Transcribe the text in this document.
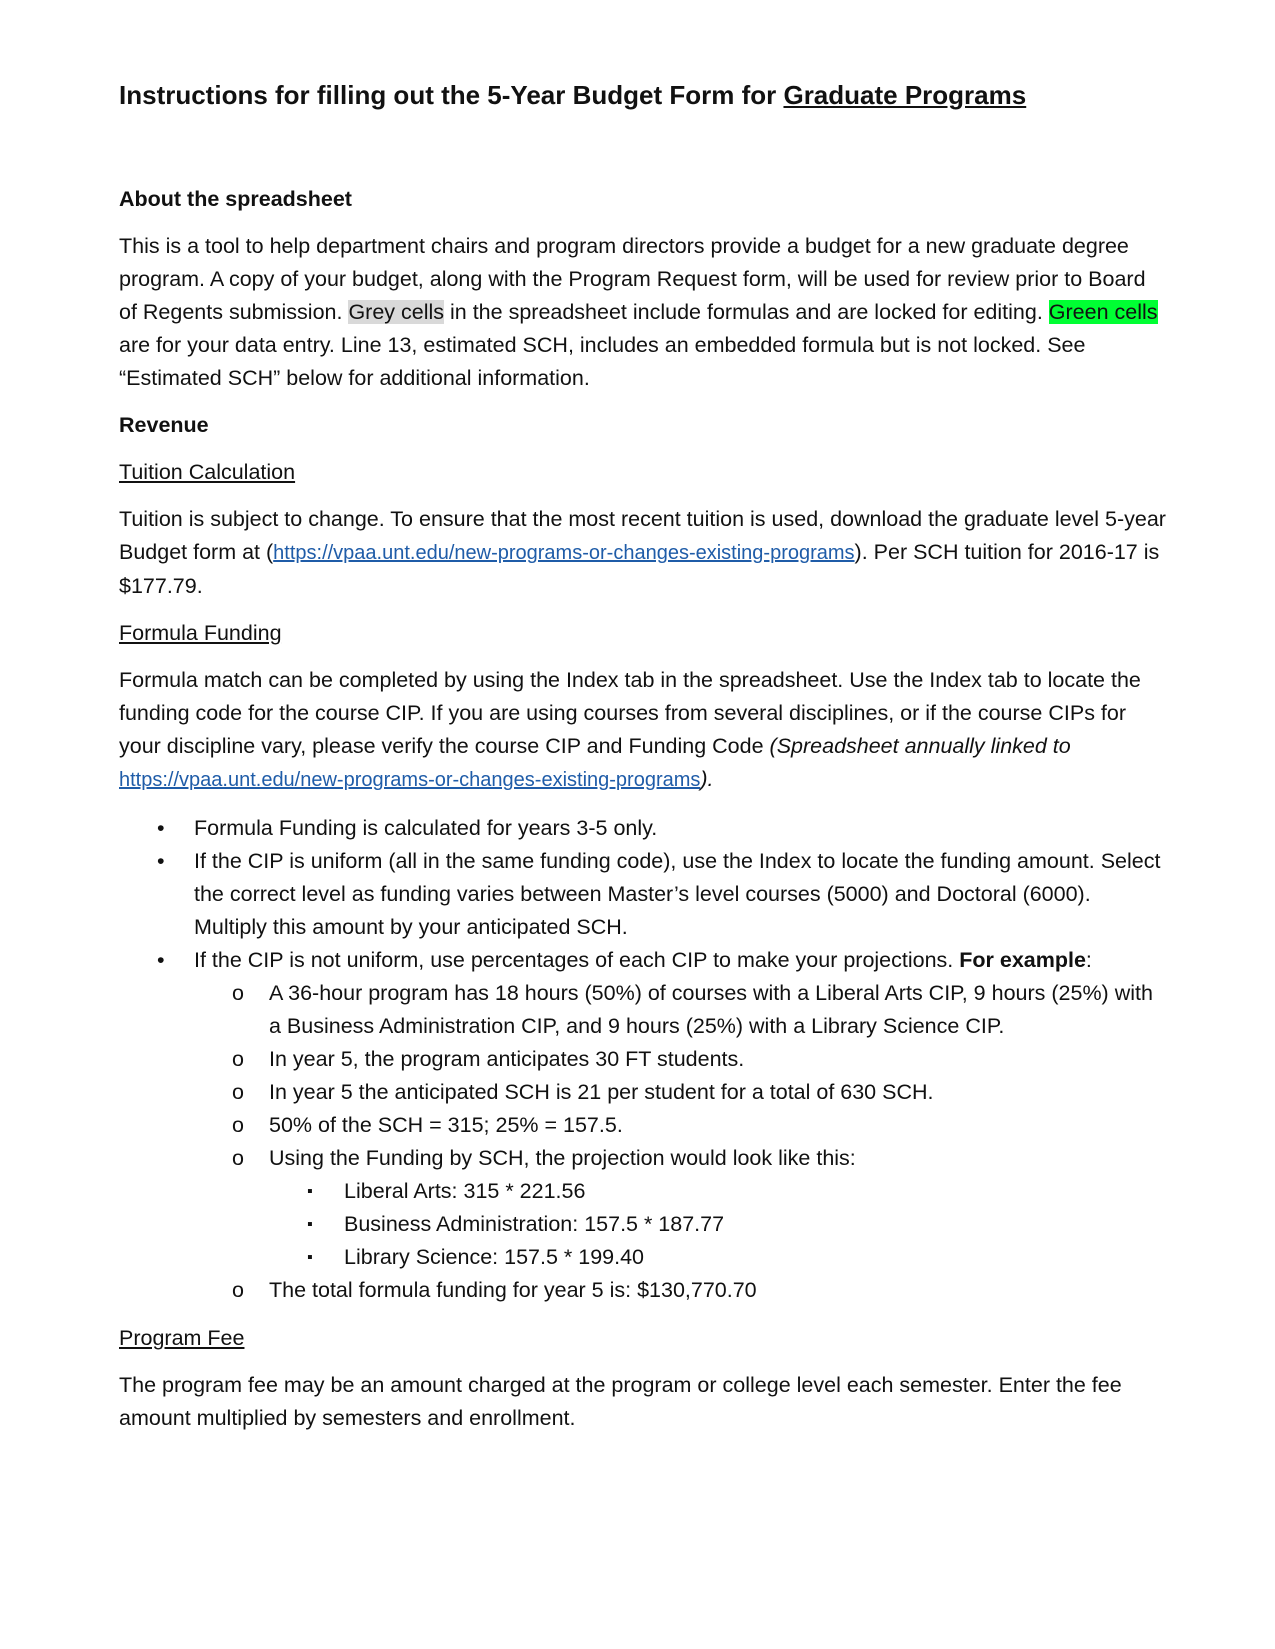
Instructions for filling out the 5-Year Budget Form for Graduate Programs

About the spreadsheet

This is a tool to help department chairs and program directors provide a budget for a new graduate degree program. A copy of your budget, along with the Program Request form, will be used for review prior to Board of Regents submission. Grey cells in the spreadsheet include formulas and are locked for editing. Green cells are for your data entry. Line 13, estimated SCH, includes an embedded formula but is not locked. See “Estimated SCH” below for additional information.

Revenue

Tuition Calculation

Tuition is subject to change. To ensure that the most recent tuition is used, download the graduate level 5-year Budget form at (https://vpaa.unt.edu/new-programs-or-changes-existing-programs). Per SCH tuition for 2016-17 is $177.79.

Formula Funding

Formula match can be completed by using the Index tab in the spreadsheet. Use the Index tab to locate the funding code for the course CIP. If you are using courses from several disciplines, or if the course CIPs for your discipline vary, please verify the course CIP and Funding Code (Spreadsheet annually linked to https://vpaa.unt.edu/new-programs-or-changes-existing-programs).

• Formula Funding is calculated for years 3-5 only.
• If the CIP is uniform (all in the same funding code), use the Index to locate the funding amount. Select the correct level as funding varies between Master’s level courses (5000) and Doctoral (6000). Multiply this amount by your anticipated SCH.
• If the CIP is not uniform, use percentages of each CIP to make your projections. For example:
o A 36-hour program has 18 hours (50%) of courses with a Liberal Arts CIP, 9 hours (25%) with a Business Administration CIP, and 9 hours (25%) with a Library Science CIP.
o In year 5, the program anticipates 30 FT students.
o In year 5 the anticipated SCH is 21 per student for a total of 630 SCH.
o 50% of the SCH = 315; 25% = 157.5.
o Using the Funding by SCH, the projection would look like this:
▪ Liberal Arts: 315 * 221.56
▪ Business Administration: 157.5 * 187.77
▪ Library Science: 157.5 * 199.40
o The total formula funding for year 5 is: $130,770.70

Program Fee

The program fee may be an amount charged at the program or college level each semester. Enter the fee amount multiplied by semesters and enrollment.
